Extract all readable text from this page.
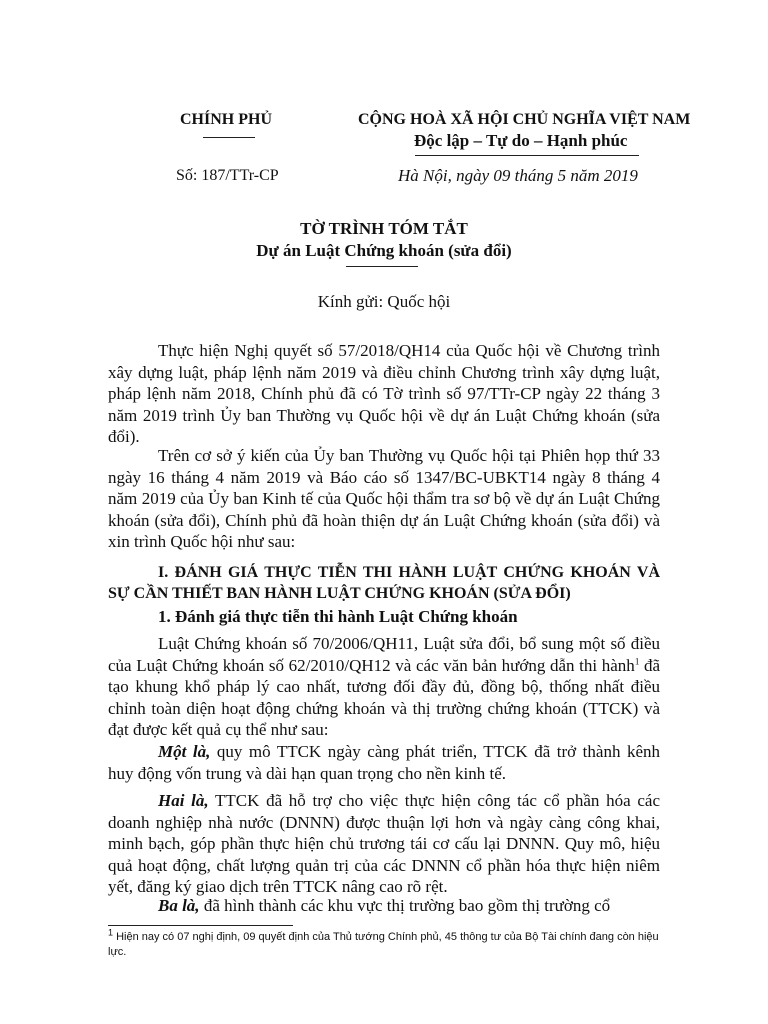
CHÍNH PHỦ
Số: 187/TTr-CP
CỘNG HOÀ XÃ HỘI CHỦ NGHĨA VIỆT NAM
Độc lập – Tự do – Hạnh phúc
Hà Nội, ngày 09 tháng 5 năm 2019
TỜ TRÌNH TÓM TẮT
Dự án Luật Chứng khoán (sửa đổi)
Kính gửi: Quốc hội
Thực hiện Nghị quyết số 57/2018/QH14 của Quốc hội về Chương trình xây dựng luật, pháp lệnh năm 2019 và điều chỉnh Chương trình xây dựng luật, pháp lệnh năm 2018, Chính phủ đã có Tờ trình số 97/TTr-CP ngày 22 tháng 3 năm 2019 trình Ủy ban Thường vụ Quốc hội về dự án Luật Chứng khoán (sửa đổi).
Trên cơ sở ý kiến của Ủy ban Thường vụ Quốc hội tại Phiên họp thứ 33 ngày 16 tháng 4 năm 2019 và Báo cáo số 1347/BC-UBKT14 ngày 8 tháng 4 năm 2019 của Ủy ban Kinh tế của Quốc hội thẩm tra sơ bộ về dự án Luật Chứng khoán (sửa đổi), Chính phủ đã hoàn thiện dự án Luật Chứng khoán (sửa đổi) và xin trình Quốc hội như sau:
I. ĐÁNH GIÁ THỰC TIỄN THI HÀNH LUẬT CHỨNG KHOÁN VÀ SỰ CẦN THIẾT BAN HÀNH LUẬT CHỨNG KHOÁN (SỬA ĐỔI)
1. Đánh giá thực tiễn thi hành Luật Chứng khoán
Luật Chứng khoán số 70/2006/QH11, Luật sửa đổi, bổ sung một số điều của Luật Chứng khoán số 62/2010/QH12 và các văn bản hướng dẫn thi hành$^1$ đã tạo khung khổ pháp lý cao nhất, tương đối đầy đủ, đồng bộ, thống nhất điều chỉnh toàn diện hoạt động chứng khoán và thị trường chứng khoán (TTCK) và đạt được kết quả cụ thể như sau:
Một là, quy mô TTCK ngày càng phát triển, TTCK đã trở thành kênh huy động vốn trung và dài hạn quan trọng cho nền kinh tế.
Hai là, TTCK đã hỗ trợ cho việc thực hiện công tác cổ phần hóa các doanh nghiệp nhà nước (DNNN) được thuận lợi hơn và ngày càng công khai, minh bạch, góp phần thực hiện chủ trương tái cơ cấu lại DNNN. Quy mô, hiệu quả hoạt động, chất lượng quản trị của các DNNN cổ phần hóa thực hiện niêm yết, đăng ký giao dịch trên TTCK nâng cao rõ rệt.
Ba là, đã hình thành các khu vực thị trường bao gồm thị trường cổ
$^1$ Hiện nay có 07 nghị định, 09 quyết định của Thủ tướng Chính phủ, 45 thông tư của Bộ Tài chính đang còn hiệu lực.
